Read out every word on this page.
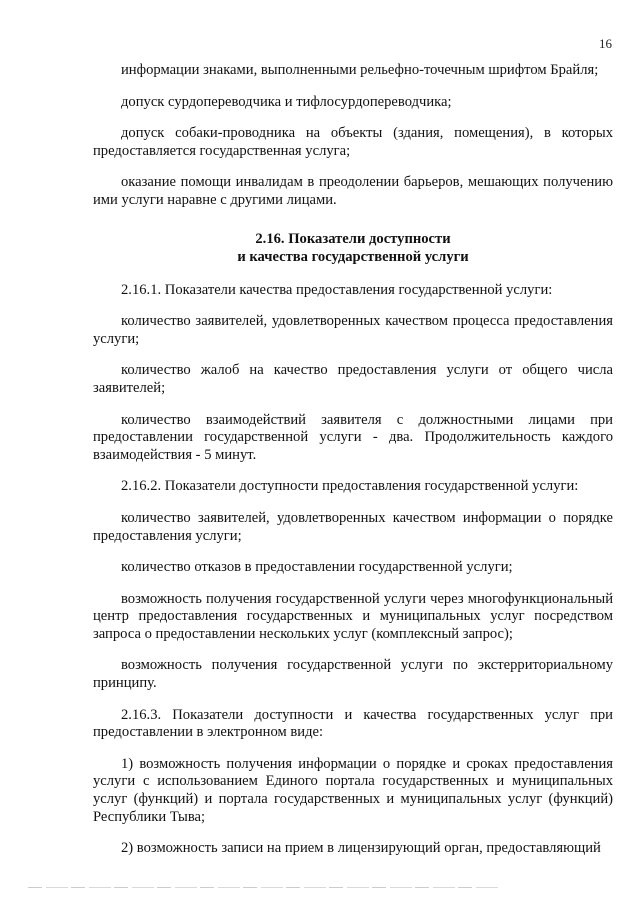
16

информации знаками, выполненными рельефно-точечным шрифтом Брайля;

допуск сурдопереводчика и тифлосурдопереводчика;

допуск собаки-проводника на объекты (здания, помещения), в которых предоставляется государственная услуга;

оказание помощи инвалидам в преодолении барьеров, мешающих получению ими услуги наравне с другими лицами.

2.16. Показатели доступности
и качества государственной услуги

2.16.1. Показатели качества предоставления государственной услуги:

количество заявителей, удовлетворенных качеством процесса предоставления услуги;

количество жалоб на качество предоставления услуги от общего числа заявителей;

количество взаимодействий заявителя с должностными лицами при предоставлении государственной услуги - два. Продолжительность каждого взаимодействия - 5 минут.

2.16.2. Показатели доступности предоставления государственной услуги:

количество заявителей, удовлетворенных качеством информации о порядке предоставления услуги;

количество отказов в предоставлении государственной услуги;

возможность получения государственной услуги через многофункциональный центр предоставления государственных и муниципальных услуг посредством запроса о предоставлении нескольких услуг (комплексный запрос);

возможность получения государственной услуги по экстерриториальному принципу.

2.16.3. Показатели доступности и качества государственных услуг при предоставлении в электронном виде:

1) возможность получения информации о порядке и сроках предоставления услуги с использованием Единого портала государственных и муниципальных услуг (функций) и портала государственных и муниципальных услуг (функций) Республики Тыва;

2) возможность записи на прием в лицензирующий орган, предоставляющий
